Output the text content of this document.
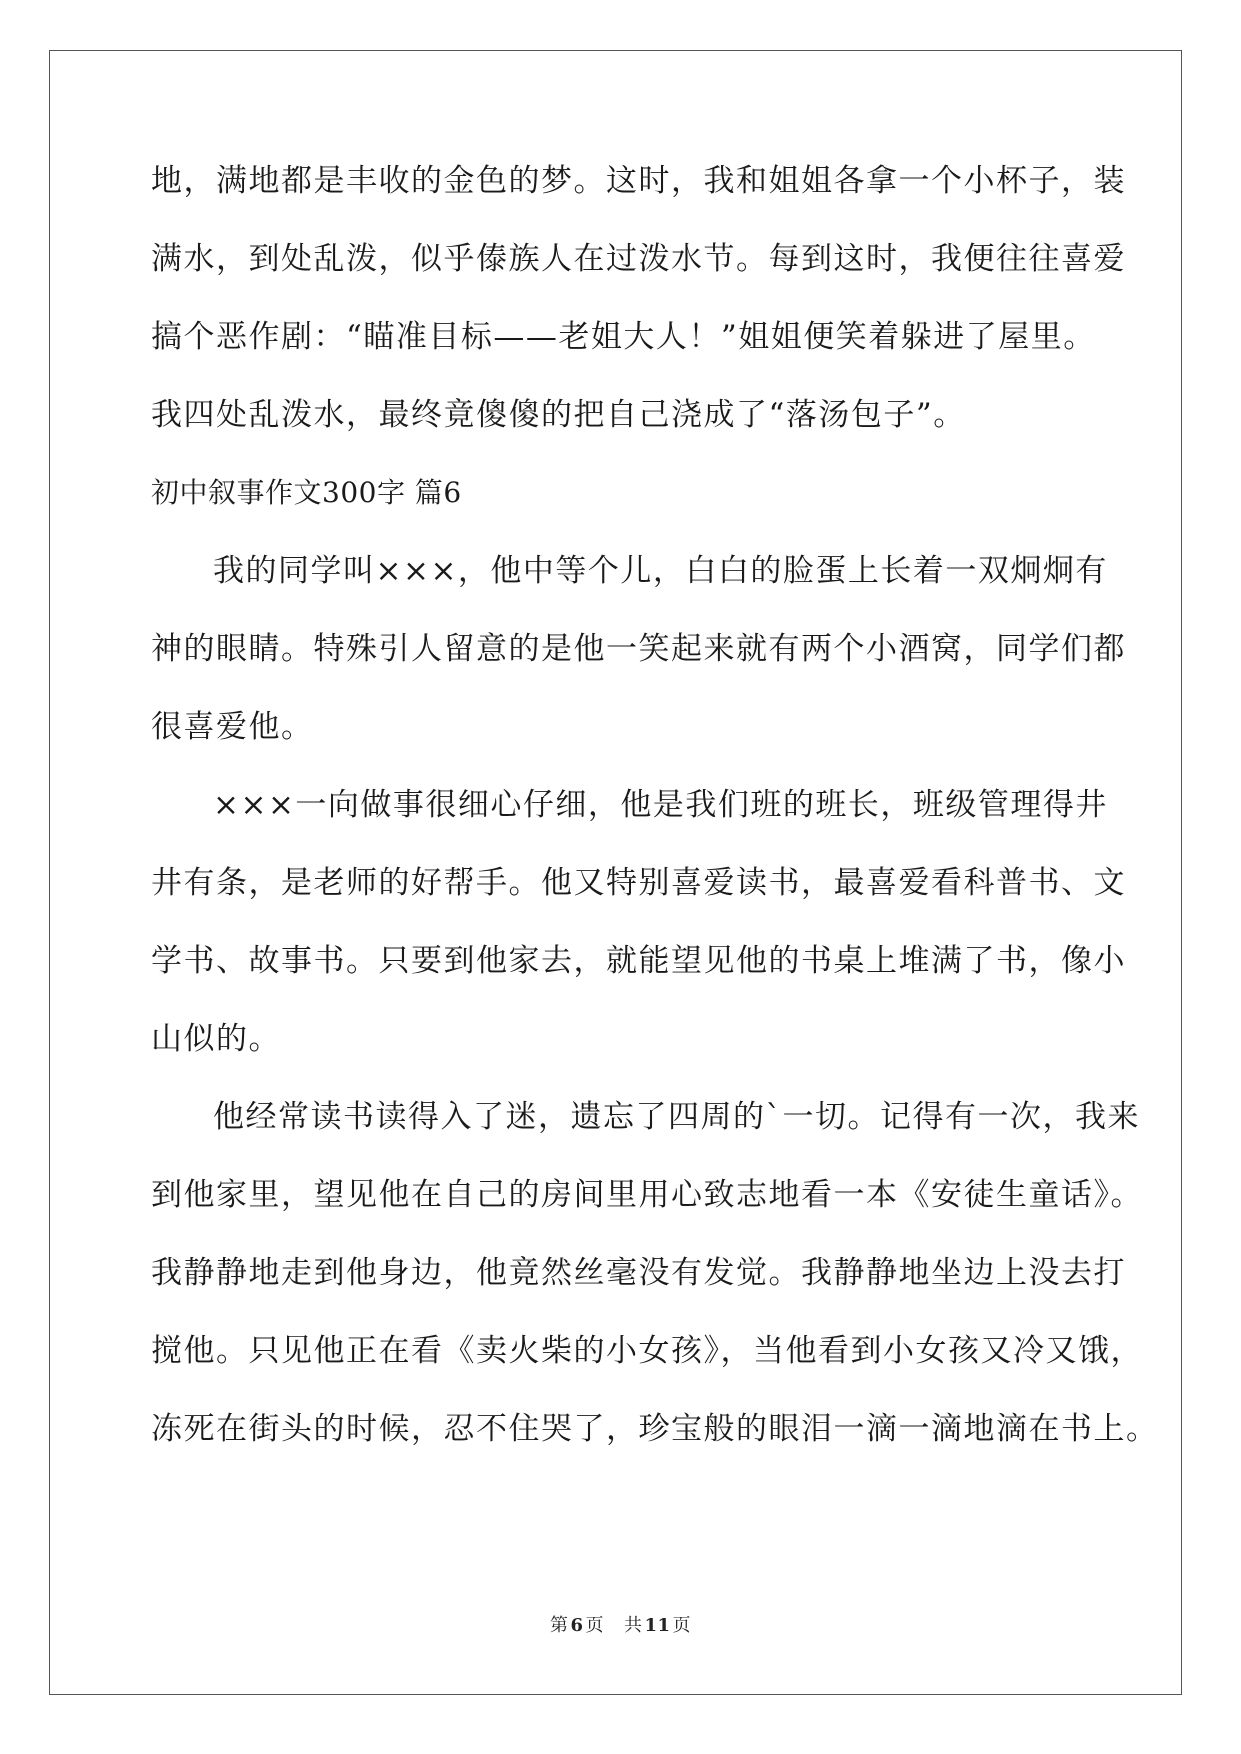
地，满地都是丰收的金色的梦。这时，我和姐姐各拿一个小杯子，装
满水，到处乱泼，似乎傣族人在过泼水节。每到这时，我便往往喜爱
搞个恶作剧：“瞄准目标——老姐大人！”姐姐便笑着躲进了屋里。
我四处乱泼水，最终竟傻傻的把自己浇成了“落汤包子”。
初中叙事作文300字 篇6
我的同学叫×××，他中等个儿，白白的脸蛋上长着一双炯炯有
神的眼睛。特殊引人留意的是他一笑起来就有两个小酒窝，同学们都
很喜爱他。
×××一向做事很细心仔细，他是我们班的班长，班级管理得井
井有条，是老师的好帮手。他又特别喜爱读书，最喜爱看科普书、文
学书、故事书。只要到他家去，就能望见他的书桌上堆满了书，像小
山似的。
他经常读书读得入了迷，遗忘了四周的`一切。记得有一次，我来
到他家里，望见他在自己的房间里用心致志地看一本《安徒生童话》。
我静静地走到他身边，他竟然丝毫没有发觉。我静静地坐边上没去打
搅他。只见他正在看《卖火柴的小女孩》，当他看到小女孩又冷又饿，
冻死在街头的时候，忍不住哭了，珍宝般的眼泪一滴一滴地滴在书上。
第 6 页 共 11 页
